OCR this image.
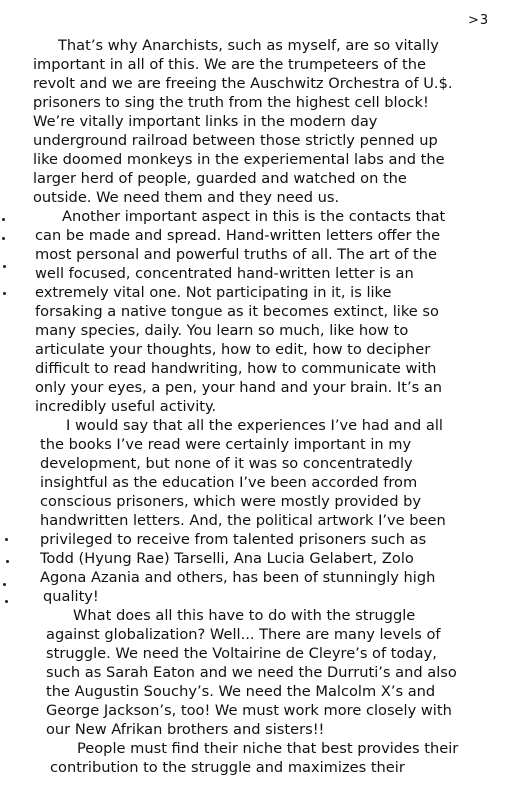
>3
That’s why Anarchists, such as myself, are so vitally
important in all of this. We are the trumpeteers of the
revolt and we are freeing the Auschwitz Orchestra of U.$.
prisoners to sing the truth from the highest cell block!
We’re vitally important links in the modern day
underground railroad between those strictly penned up
like doomed monkeys in the experiemental labs and the
larger herd of people, guarded and watched on the
outside. We need them and they need us.
Another important aspect in this is the contacts that
can be made and spread. Hand-written letters offer the
most personal and powerful truths of all. The art of the
well focused, concentrated hand-written letter is an
extremely vital one. Not participating in it, is like
forsaking a native tongue as it becomes extinct, like so
many species, daily. You learn so much, like how to
articulate your thoughts, how to edit, how to decipher
difficult to read handwriting, how to communicate with
only your eyes, a pen, your hand and your brain. It’s an
incredibly useful activity.
I would say that all the experiences I’ve had and all
the books I’ve read were certainly important in my
development, but none of it was so concentratedly
insightful as the education I’ve been accorded from
conscious prisoners, which were mostly provided by
handwritten letters. And, the political artwork I’ve been
privileged to receive from talented prisoners such as
Todd (Hyung Rae) Tarselli, Ana Lucia Gelabert, Zolo
Agona Azania and others, has been of stunningly high
quality!
What does all this have to do with the struggle
against globalization? Well... There are many levels of
struggle. We need the Voltairine de Cleyre’s of today,
such as Sarah Eaton and we need the Durruti’s and also
the Augustin Souchy’s. We need the Malcolm X’s and
George Jackson’s, too! We must work more closely with
our New Afrikan brothers and sisters!!
People must find their niche that best provides their
contribution to the struggle and maximizes their
